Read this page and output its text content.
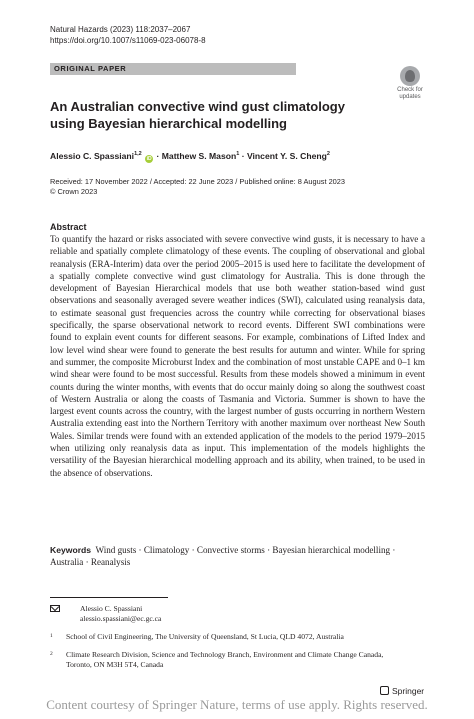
Natural Hazards (2023) 118:2037–2067
https://doi.org/10.1007/s11069-023-06078-8
ORIGINAL PAPER
Check for
updates
An Australian convective wind gust climatology using Bayesian hierarchical modelling
Alessio C. Spassiani$^{1,2}$ iD · Matthew S. Mason$^1$ · Vincent Y. S. Cheng$^2$
Received: 17 November 2022 / Accepted: 22 June 2023 / Published online: 8 August 2023
© Crown 2023
Abstract
To quantify the hazard or risks associated with severe convective wind gusts, it is necessary to have a reliable and spatially complete climatology of these events. The coupling of observational and global reanalysis (ERA-Interim) data over the period 2005–2015 is used here to facilitate the development of a spatially complete convective wind gust climatology for Australia. This is done through the development of Bayesian Hierarchical models that use both weather station-based wind gust observations and seasonally averaged severe weather indices (SWI), calculated using reanalysis data, to estimate seasonal gust frequencies across the country while correcting for observational biases specifically, the sparse observational network to record events. Different SWI combinations were found to explain event counts for different seasons. For example, combinations of Lifted Index and low level wind shear were found to generate the best results for autumn and winter. While for spring and summer, the composite Microburst Index and the combination of most unstable CAPE and 0–1 km wind shear were found to be most successful. Results from these models showed a minimum in event counts during the winter months, with events that do occur mainly doing so along the southwest coast of Western Australia or along the coasts of Tasmania and Victoria. Summer is shown to have the largest event counts across the country, with the largest number of gusts occurring in northern Western Australia extending east into the Northern Territory with another maximum over northeast New South Wales. Similar trends were found with an extended application of the models to the period 1979–2015 when utilizing only reanalysis data as input. This implementation of the models highlights the versatility of the Bayesian hierarchical modelling approach and its ability, when trained, to be used in the absence of observations.
Keywords Wind gusts · Climatology · Convective storms · Bayesian hierarchical modelling · Australia · Reanalysis
Alessio C. Spassiani
alessio.spassiani@ec.gc.ca
1 School of Civil Engineering, The University of Queensland, St Lucia, QLD 4072, Australia
2 Climate Research Division, Science and Technology Branch, Environment and Climate Change Canada, Toronto, ON M3H 5T4, Canada
Springer
Content courtesy of Springer Nature, terms of use apply. Rights reserved.
